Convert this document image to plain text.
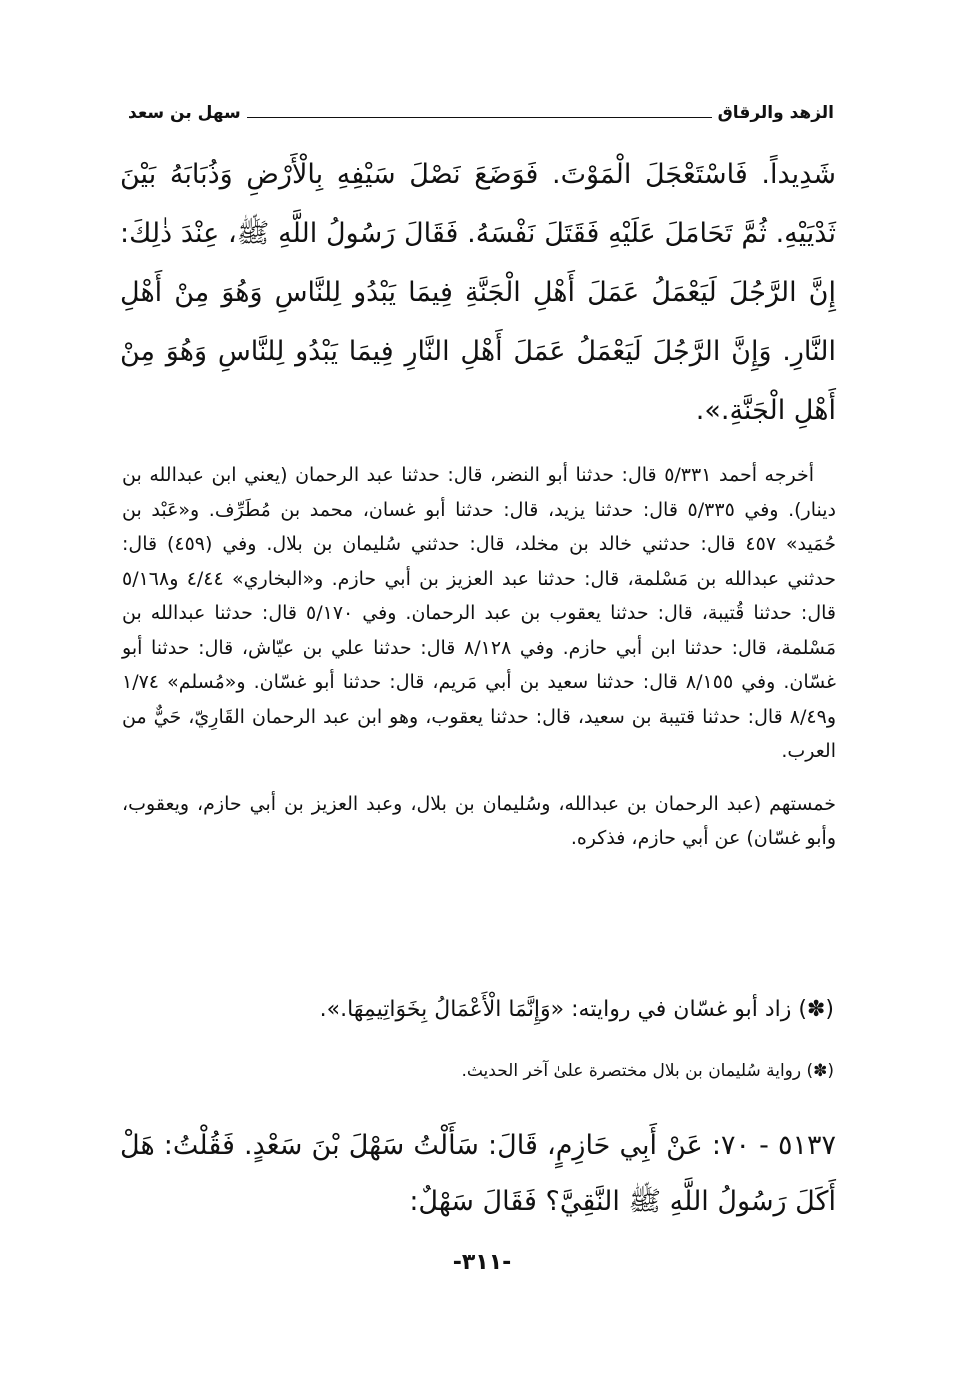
الزهد والرقاق
سهل بن سعد

شَدِيداً. فَاسْتَعْجَلَ الْمَوْتَ. فَوَضَعَ نَصْلَ سَيْفِهِ بِالْأَرْضِ وَذُبَابَهُ بَيْنَ ثَدْيَيْهِ. ثُمَّ تَحَامَلَ عَلَيْهِ فَقَتَلَ نَفْسَهُ. فَقَالَ رَسُولُ اللَّهِ ﷺ، عِنْدَ ذٰلِكَ: إِنَّ الرَّجُلَ لَيَعْمَلُ عَمَلَ أَهْلِ الْجَنَّةِ فِيمَا يَبْدُو لِلنَّاسِ وَهُوَ مِنْ أَهْلِ النَّارِ. وَإِنَّ الرَّجُلَ لَيَعْمَلُ عَمَلَ أَهْلِ النَّارِ فِيمَا يَبْدُو لِلنَّاسِ وَهُوَ مِنْ أَهْلِ الْجَنَّةِ.».

أخرجه أحمد ٥/٣٣١ قال: حدثنا أبو النضر، قال: حدثنا عبد الرحمان (يعني ابن عبدالله بن دينار). وفي ٥/٣٣٥ قال: حدثنا يزيد، قال: حدثنا أبو غسان، محمد بن مُطَرِّف. و«عَبْد بن حُمَيد» ٤٥٧ قال: حدثني خالد بن مخلد، قال: حدثني سُليمان بن بلال. وفي (٤٥٩) قال: حدثني عبدالله بن مَسْلمة، قال: حدثنا عبد العزيز بن أبي حازم. و«البخاري» ٤/٤٤ و٥/١٦٨ قال: حدثنا قُتيبة، قال: حدثنا يعقوب بن عبد الرحمان. وفي ٥/١٧٠ قال: حدثنا عبدالله بن مَسْلمة، قال: حدثنا ابن أبي حازم. وفي ٨/١٢٨ قال: حدثنا علي بن عيّاش، قال: حدثنا أبو غسّان. وفي ٨/١٥٥ قال: حدثنا سعيد بن أبي مَريم، قال: حدثنا أبو غسّان. و«مُسلم» ١/٧٤ و٨/٤٩ قال: حدثنا قتيبة بن سعيد، قال: حدثنا يعقوب، وهو ابن عبد الرحمان القَارِيّ، حَيٌّ من العرب.

خمستهم (عبد الرحمان بن عبدالله، وسُليمان بن بلال، وعبد العزيز بن أبي حازم، ويعقوب، وأبو غسّان) عن أبي حازم، فذكره.

(✽) زاد أبو غسّان في روايته: «وَإِنَّمَا الْأَعْمَالُ بِخَوَاتِيمِهَا.».
(✽) رواية سُليمان بن بلال مختصرة علىٰ آخر الحديث.

٥١٣٧ - ٧٠: عَنْ أَبِي حَازِمٍ، قَالَ: سَأَلْتُ سَهْلَ بْنَ سَعْدٍ. فَقُلْتُ: هَلْ أَكَلَ رَسُولُ اللَّهِ ﷺ النَّقِيَّ؟ فَقَالَ سَهْلٌ:

-٣١١-
